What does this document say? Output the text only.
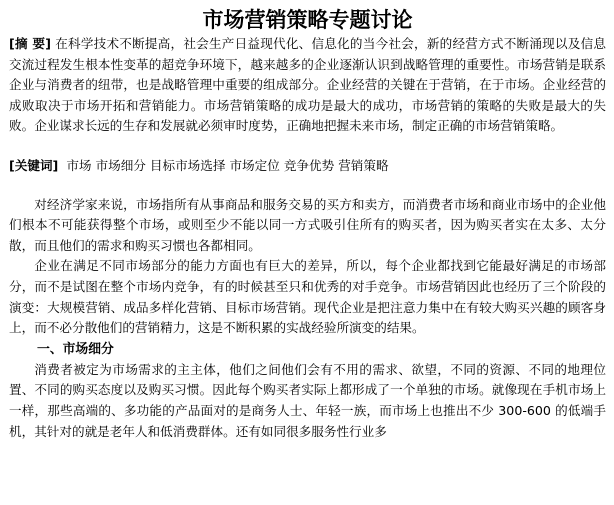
市场营销策略专题讨论

[摘 要] 在科学技术不断提高，社会生产日益现代化、信息化的当今社会，新的经营方式不断涌现以及信息交流过程发生根本性变革的超竞争环境下，越来越多的企业逐渐认识到战略管理的重要性。市场营销是联系企业与消费者的纽带，也是战略管理中重要的组成部分。企业经营的关键在于营销，在于市场。企业经营的成败取决于市场开拓和营销能力。市场营销策略的成功是最大的成功，市场营销的策略的失败是最大的失败。企业谋求长远的生存和发展就必须审时度势，正确地把握未来市场，制定正确的市场营销策略。

[关键词] 市场 市场细分 目标市场选择 市场定位 竞争优势 营销策略

对经济学家来说，市场指所有从事商品和服务交易的买方和卖方，而消费者市场和商业市场中的企业他们根本不可能获得整个市场，或则至少不能以同一方式吸引住所有的购买者，因为购买者实在太多、太分散，而且他们的需求和购买习惯也各都相同。

企业在满足不同市场部分的能力方面也有巨大的差异，所以，每个企业都找到它能最好满足的市场部分，而不是试图在整个市场内竞争，有的时候甚至只和优秀的对手竞争。市场营销因此也经历了三个阶段的演变：大规模营销、成品多样化营销、目标市场营销。现代企业是把注意力集中在有较大购买兴趣的顾客身上，而不必分散他们的营销精力，这是不断积累的实战经验所演变的结果。

一、市场细分

消费者被定为市场需求的主主体，他们之间他们会有不用的需求、欲望，不同的资源、不同的地理位置、不同的购买态度以及购买习惯。因此每个购买者实际上都形成了一个单独的市场。就像现在手机市场上一样，那些高端的、多功能的产品面对的是商务人士、年轻一族，而市场上也推出不少 300-600 的低端手机，其针对的就是老年人和低消费群体。还有如同很多服务性行业多
